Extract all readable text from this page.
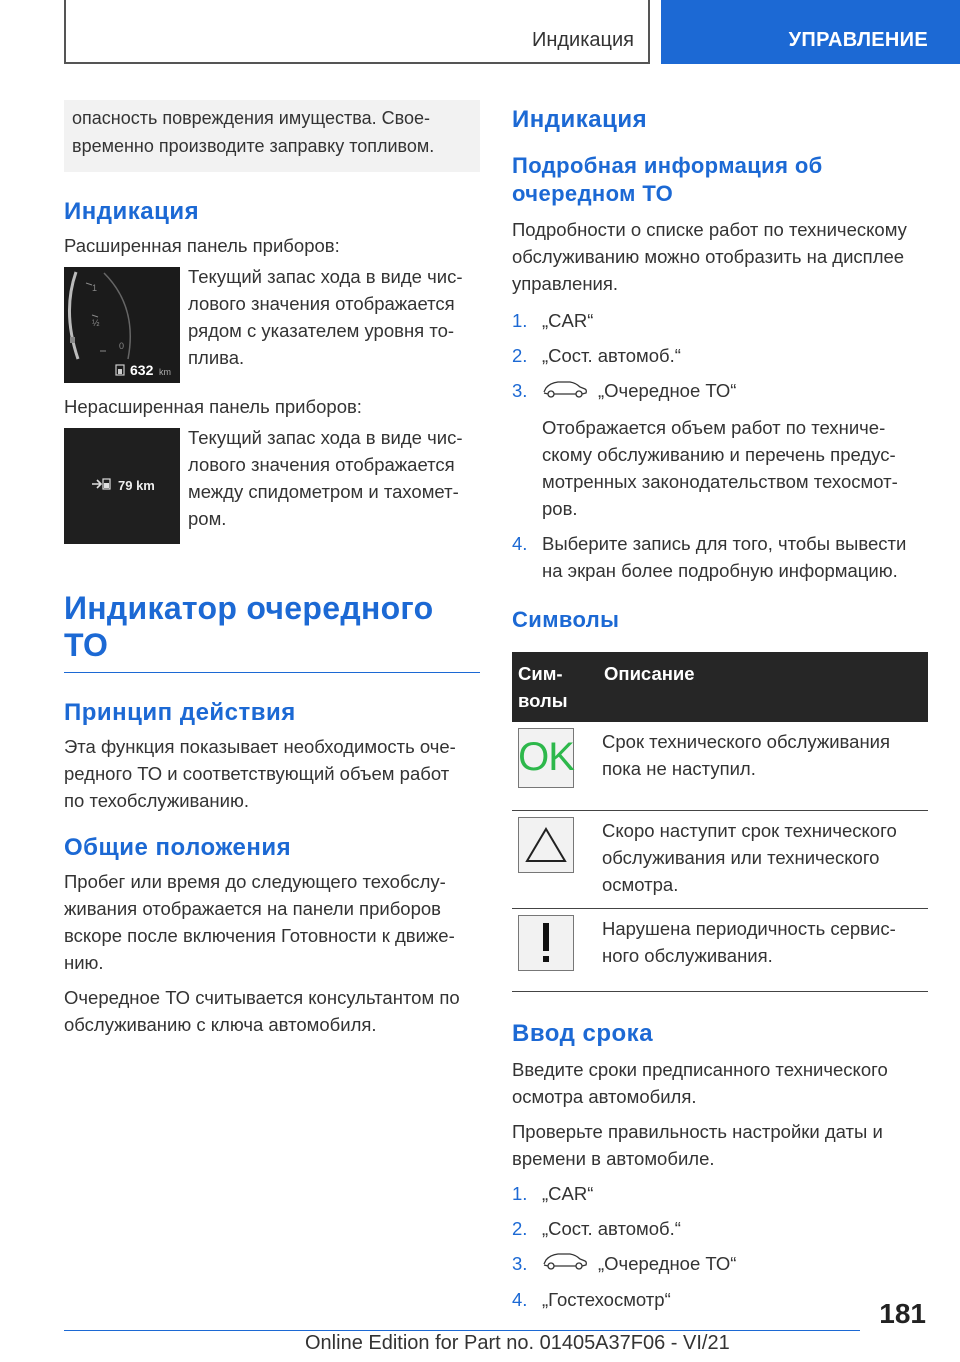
Индикация	УПРАВЛЕНИЕ

опасность повреждения имущества. Свое-
временно производите заправку топливом.

Индикация

Расширенная панель приборов:

1
½
0
632 km

Текущий запас хода в виде чис-
лового значения отображается
рядом с указателем уровня то-
плива.

Нерасширенная панель приборов:

79 km

Текущий запас хода в виде чис-
лового значения отображается
между спидометром и тахомет-
ром.

Индикатор очередного ТО
Принцип действия

Эта функция показывает необходимость оче-
редного ТО и соответствующий объем работ
по техобслуживанию.

Общие положения

Пробег или время до следующего техобслу-
живания отображается на панели приборов
вскоре после включения Готовности к движе-
нию.

Очередное ТО считывается консультантом по
обслуживанию с ключа автомобиля.

Индикация
Подробная информация об
очередном ТО

Подробности о списке работ по техническому
обслуживанию можно отобразить на дисплее
управления.

1. „CAR“
2. „Сост. автомоб.“
3.	„Очередное ТО“
Отображается объем работ по техниче-
скому обслуживанию и перечень предус-
мотренных законодательством техосмот-
ров.
4. Выберите запись для того, чтобы вывести
на экран более подробную информацию.
Символы
Сим-
волы	Описание

OK	Срок технического обслуживания
пока не наступил.

	Скоро наступит срок технического
обслуживания или технического
осмотра.

	Нарушена периодичность сервис-
ного обслуживания.
Ввод срока

Введите сроки предписанного технического
осмотра автомобиля.

Проверьте правильность настройки даты и
времени в автомобиле.

1. „CAR“
2. „Сост. автомоб.“
3.	„Очередное ТО“
4. „Гостехосмотр“	181
Online Edition for Part no. 01405A37F06 - VI/21
